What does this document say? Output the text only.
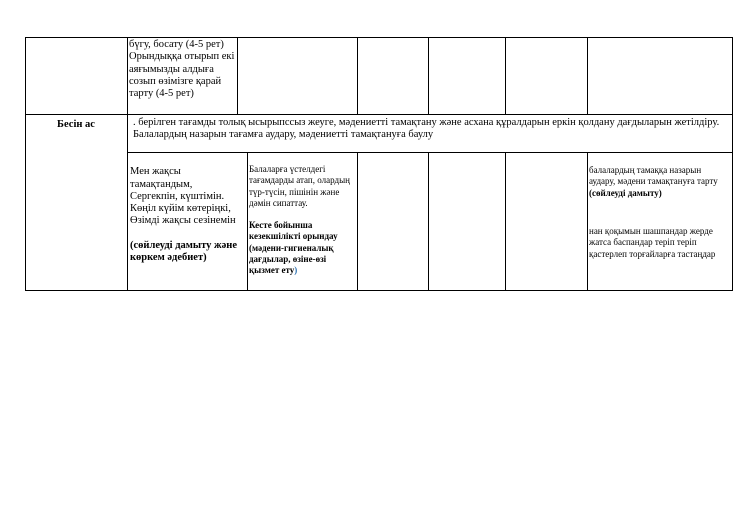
бүгу, босату (4-5 рет)
Орындыққа отырып екі аяғымызды алдыға созып өзімізге қарай тарту (4-5 рет)
Бесін ас	. берілген тағамды толық ысырыпссыз жеуге, мәдениетті тамақтану және асхана құралдарын еркін қолдану дағдыларын жетілдіру. Балалардың назарын тағамға аудару, мәдениетті тамақтануға баулу

Мен жақсы
тамақтандым,
Сергекпін, күштімін.
Көңіл күйім көтеріңкі,
Өзімді жақсы сезінемін

(сөйлеуді дамыту және көркем әдебиет)

Балаларға үстелдегі тағамдарды атап, олардың түр-түсін, пішінін және дәмін сипаттау.

Кесте бойынша кезекшілікті орындау (мәдени-гигиеналық дағдылар, өзіне-өзі қызмет ету)

балалардың тамаққа назарын аудару, мәдени тамақтануға тарту
(сөйлеуді дамыту)

нан қоқымын шашпандар жерде жатса баспандар теріп теріп қастерлеп торғайларға тастаңдар
